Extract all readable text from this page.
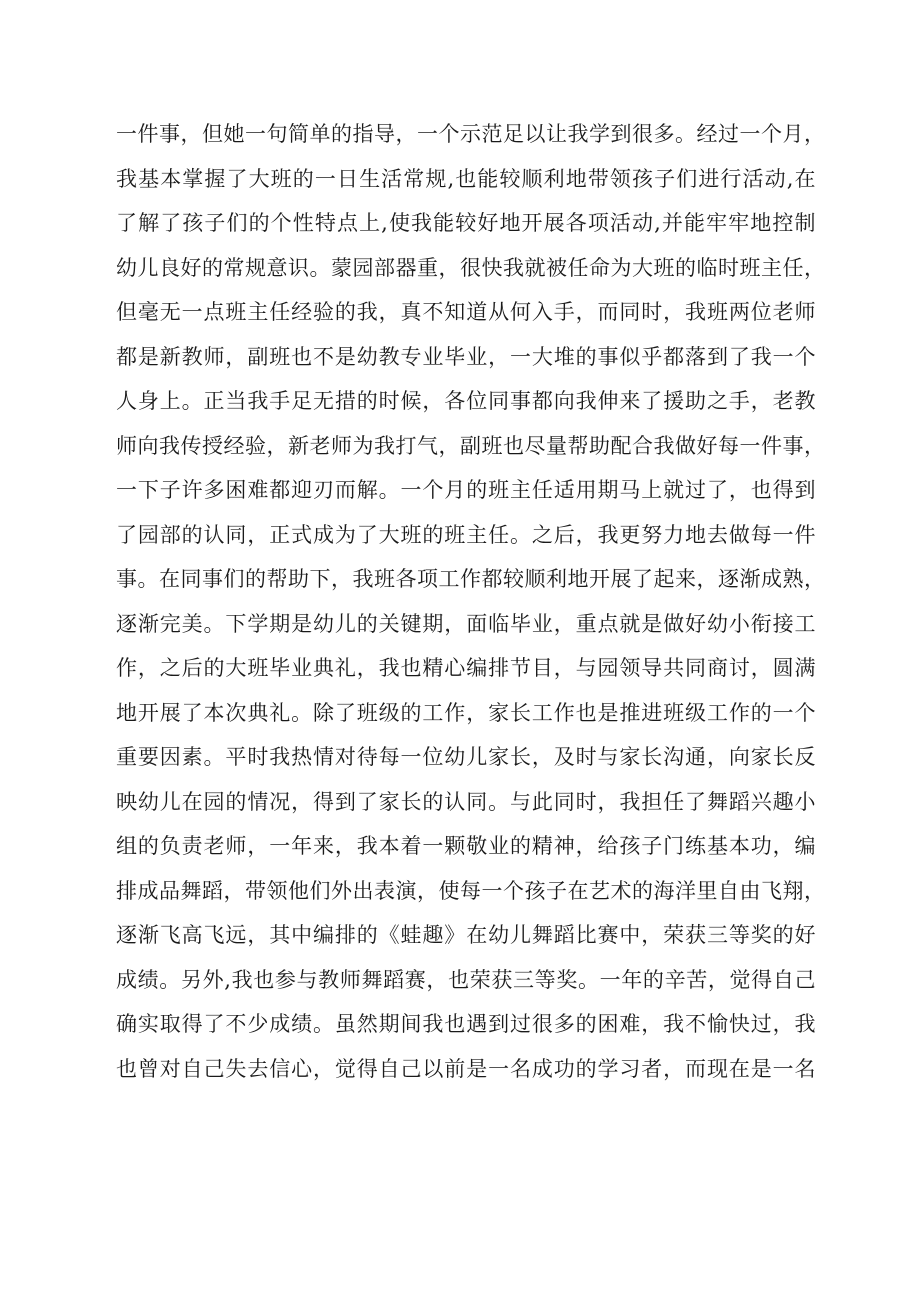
一件事，但她一句简单的指导，一个示范足以让我学到很多。经过一个月，
我基本掌握了大班的一日生活常规,也能较顺利地带领孩子们进行活动,在
了解了孩子们的个性特点上,使我能较好地开展各项活动,并能牢牢地控制
幼儿良好的常规意识。蒙园部器重，很快我就被任命为大班的临时班主任，
但毫无一点班主任经验的我，真不知道从何入手，而同时，我班两位老师
都是新教师，副班也不是幼教专业毕业，一大堆的事似乎都落到了我一个
人身上。正当我手足无措的时候，各位同事都向我伸来了援助之手，老教
师向我传授经验，新老师为我打气，副班也尽量帮助配合我做好每一件事，
一下子许多困难都迎刃而解。一个月的班主任适用期马上就过了，也得到
了园部的认同，正式成为了大班的班主任。之后，我更努力地去做每一件
事。在同事们的帮助下，我班各项工作都较顺利地开展了起来，逐渐成熟，
逐渐完美。下学期是幼儿的关键期，面临毕业，重点就是做好幼小衔接工
作，之后的大班毕业典礼，我也精心编排节目，与园领导共同商讨，圆满
地开展了本次典礼。除了班级的工作，家长工作也是推进班级工作的一个
重要因素。平时我热情对待每一位幼儿家长，及时与家长沟通，向家长反
映幼儿在园的情况，得到了家长的认同。与此同时，我担任了舞蹈兴趣小
组的负责老师，一年来，我本着一颗敬业的精神，给孩子门练基本功，编
排成品舞蹈，带领他们外出表演，使每一个孩子在艺术的海洋里自由飞翔，
逐渐飞高飞远，其中编排的《蛙趣》在幼儿舞蹈比赛中，荣获三等奖的好
成绩。另外,我也参与教师舞蹈赛，也荣获三等奖。一年的辛苦，觉得自己
确实取得了不少成绩。虽然期间我也遇到过很多的困难，我不愉快过，我
也曾对自己失去信心，觉得自己以前是一名成功的学习者，而现在是一名
